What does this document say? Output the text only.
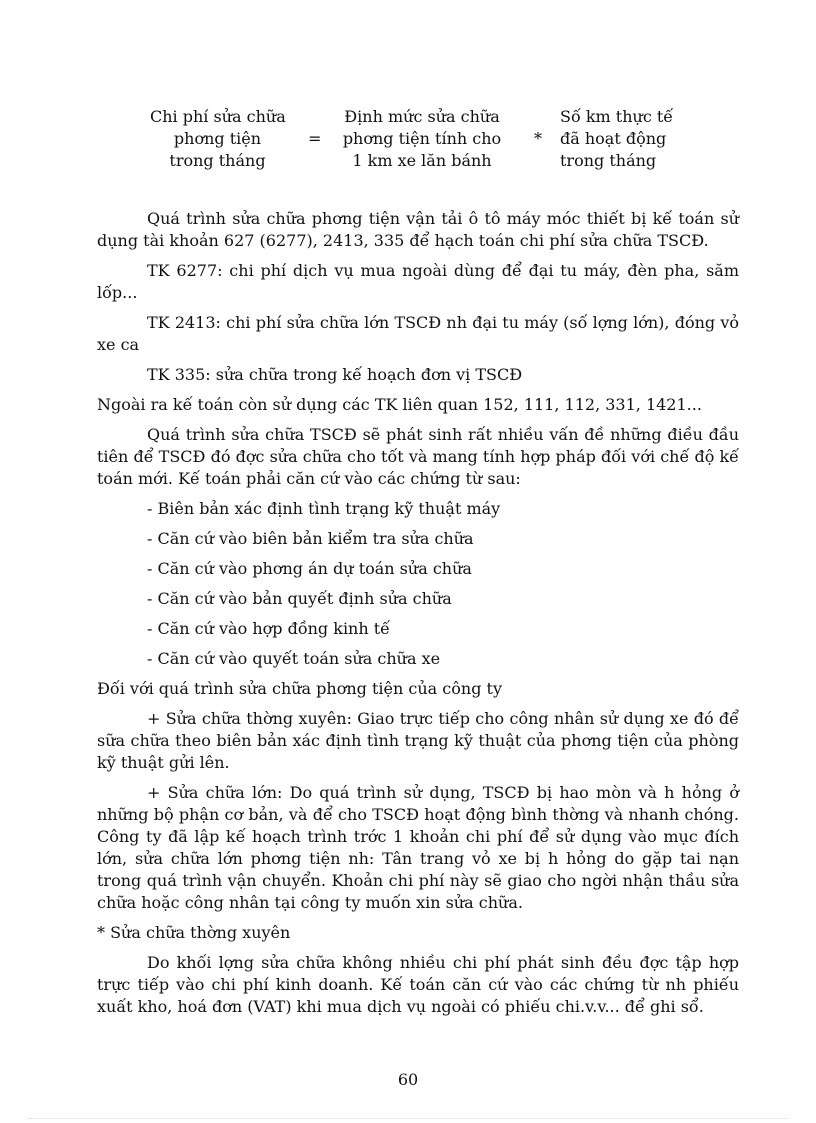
Chi phí sửa chữa
phơng tiện
trong tháng
=
Định mức sửa chữa
phơng tiện tính cho
1 km xe lăn bánh
*
Số km thực tế
đã hoạt động
trong tháng

Quá trình sửa chữa phơng tiện vận tải ô tô máy móc thiết bị kế toán sử dụng tài khoản 627 (6277), 2413, 335 để hạch toán chi phí sửa chữa TSCĐ.

TK 6277: chi phí dịch vụ mua ngoài dùng để đại tu máy, đèn pha, săm lốp...

TK 2413: chi phí sửa chữa lớn TSCĐ nh đại tu máy (số lợng lớn), đóng vỏ xe ca

TK 335: sửa chữa trong kế hoạch đơn vị TSCĐ

Ngoài ra kế toán còn sử dụng các TK liên quan 152, 111, 112, 331, 1421...

Quá trình sửa chữa TSCĐ sẽ phát sinh rất nhiều vấn đề những điều đầu tiên để TSCĐ đó đợc sửa chữa cho tốt và mang tính hợp pháp đối với chế độ kế toán mới. Kế toán phải căn cứ vào các chứng từ sau:

- Biên bản xác định tình trạng kỹ thuật máy

- Căn cứ vào biên bản kiểm tra sửa chữa

- Căn cứ vào phơng án dự toán sửa chữa

- Căn cứ vào bản quyết định sửa chữa

- Căn cứ vào hợp đồng kinh tế

- Căn cứ vào quyết toán sửa chữa xe

Đối với quá trình sửa chữa phơng tiện của công ty

+ Sửa chữa thờng xuyên: Giao trực tiếp cho công nhân sử dụng xe đó để sữa chữa theo biên bản xác định tình trạng kỹ thuật của phơng tiện của phòng kỹ thuật gửi lên.

+ Sửa chữa lớn: Do quá trình sử dụng, TSCĐ bị hao mòn và h hỏng ở những bộ phận cơ bản, và để cho TSCĐ hoạt động bình thờng và nhanh chóng. Công ty đã lập kế hoạch trình trớc 1 khoản chi phí để sử dụng vào mục đích lớn, sửa chữa lớn phơng tiện nh: Tân trang vỏ xe bị h hỏng do gặp tai nạn trong quá trình vận chuyển. Khoản chi phí này sẽ giao cho ngời nhận thầu sửa chữa hoặc công nhân tại công ty muốn xin sửa chữa.

* Sửa chữa thờng xuyên

Do khối lợng sửa chữa không nhiều chi phí phát sinh đều đợc tập hợp trực tiếp vào chi phí kinh doanh. Kế toán căn cứ vào các chứng từ nh phiếu xuất kho, hoá đơn (VAT) khi mua dịch vụ ngoài có phiếu chi.v.v... để ghi sổ.

60
